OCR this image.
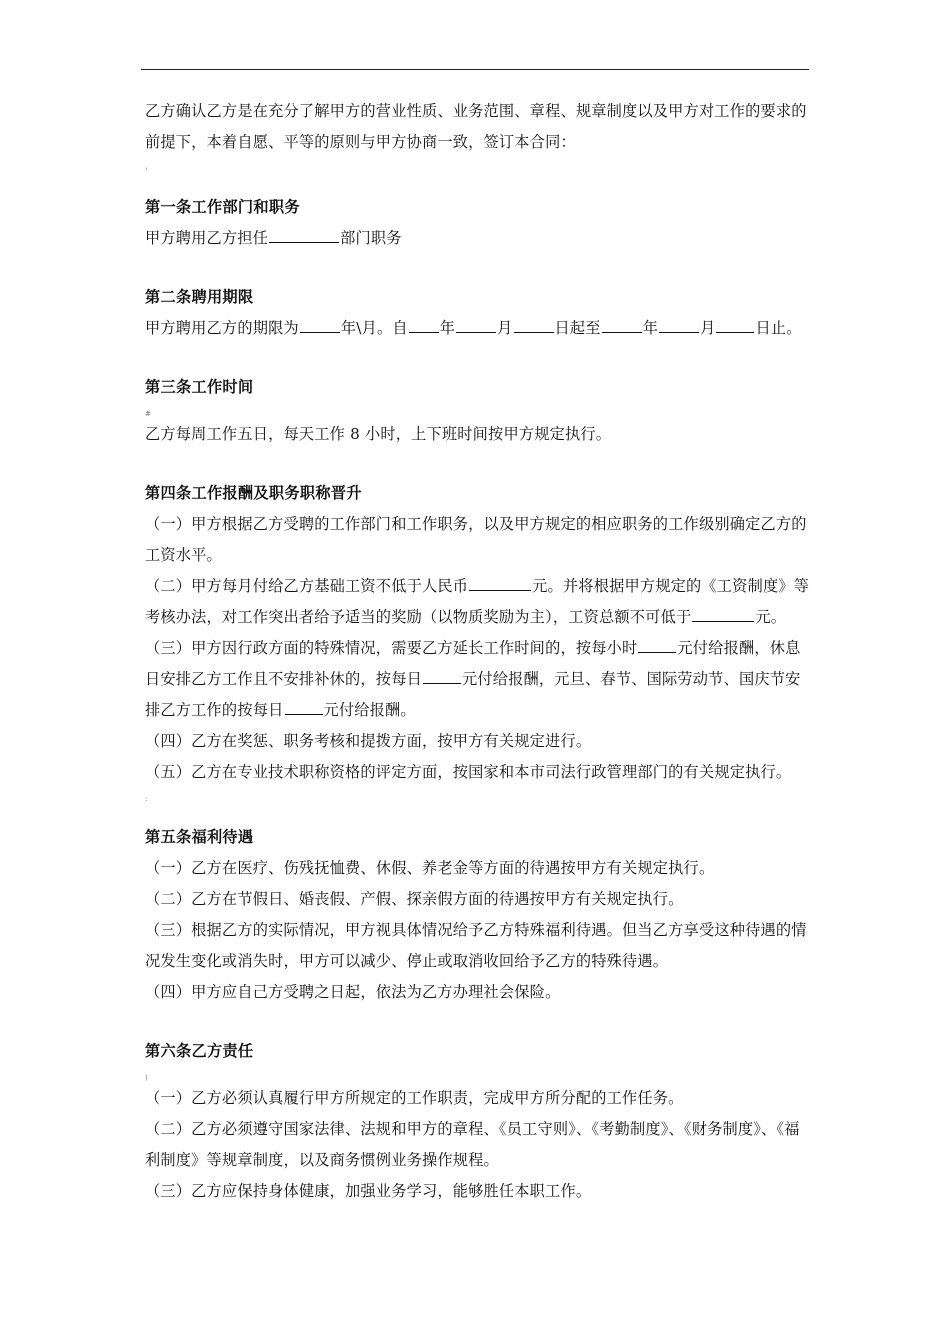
乙方确认乙方是在充分了解甲方的营业性质、业务范围、章程、规章制度以及甲方对工作的要求的前提下，本着自愿、平等的原则与甲方协商一致，签订本合同：

‹
第一条工作部门和职务

甲方聘用乙方担任	部门职务

第二条聘用期限

甲方聘用乙方的期限为	年\月。自 年	月	日起至	年	月	日止。

第三条工作时间
#

乙方每周工作五日，每天工作 8 小时，上下班时间按甲方规定执行。

第四条工作报酬及职务职称晋升

（一）甲方根据乙方受聘的工作部门和工作职务，以及甲方规定的相应职务的工作级别确定乙方的工资水平。

（二）甲方每月付给乙方基础工资不低于人民币	元。并将根据甲方规定的《工资制度》等考核办法，对工作突出者给予适当的奖励（以物质奖励为主），工资总额不可低于	元。

（三）甲方因行政方面的特殊情况，需要乙方延长工作时间的，按每小时	元付给报酬，休息日安排乙方工作且不安排补休的，按每日	元付给报酬，元旦、春节、国际劳动节、国庆节安排乙方工作的按每日	元付给报酬。

（四）乙方在奖惩、职务考核和提拨方面，按甲方有关规定进行。

（五）乙方在专业技术职称资格的评定方面，按国家和本市司法行政管理部门的有关规定执行。

:
第五条福利待遇

（一）乙方在医疗、伤残抚恤费、休假、养老金等方面的待遇按甲方有关规定执行。

（二）乙方在节假日、婚丧假、产假、探亲假方面的待遇按甲方有关规定执行。

（三）根据乙方的实际情况，甲方视具体情况给予乙方特殊福利待遇。但当乙方享受这种待遇的情况发生变化或消失时，甲方可以减少、停止或取消收回给予乙方的特殊待遇。

（四）甲方应自己方受聘之日起，依法为乙方办理社会保险。

第六条乙方责任
)

（一）乙方必须认真履行甲方所规定的工作职责，完成甲方所分配的工作任务。

（二）乙方必须遵守国家法律、法规和甲方的章程、《员工守则》、《考勤制度》、《财务制度》、《福利制度》等规章制度，以及商务惯例业务操作规程。

（三）乙方应保持身体健康，加强业务学习，能够胜任本职工作。
